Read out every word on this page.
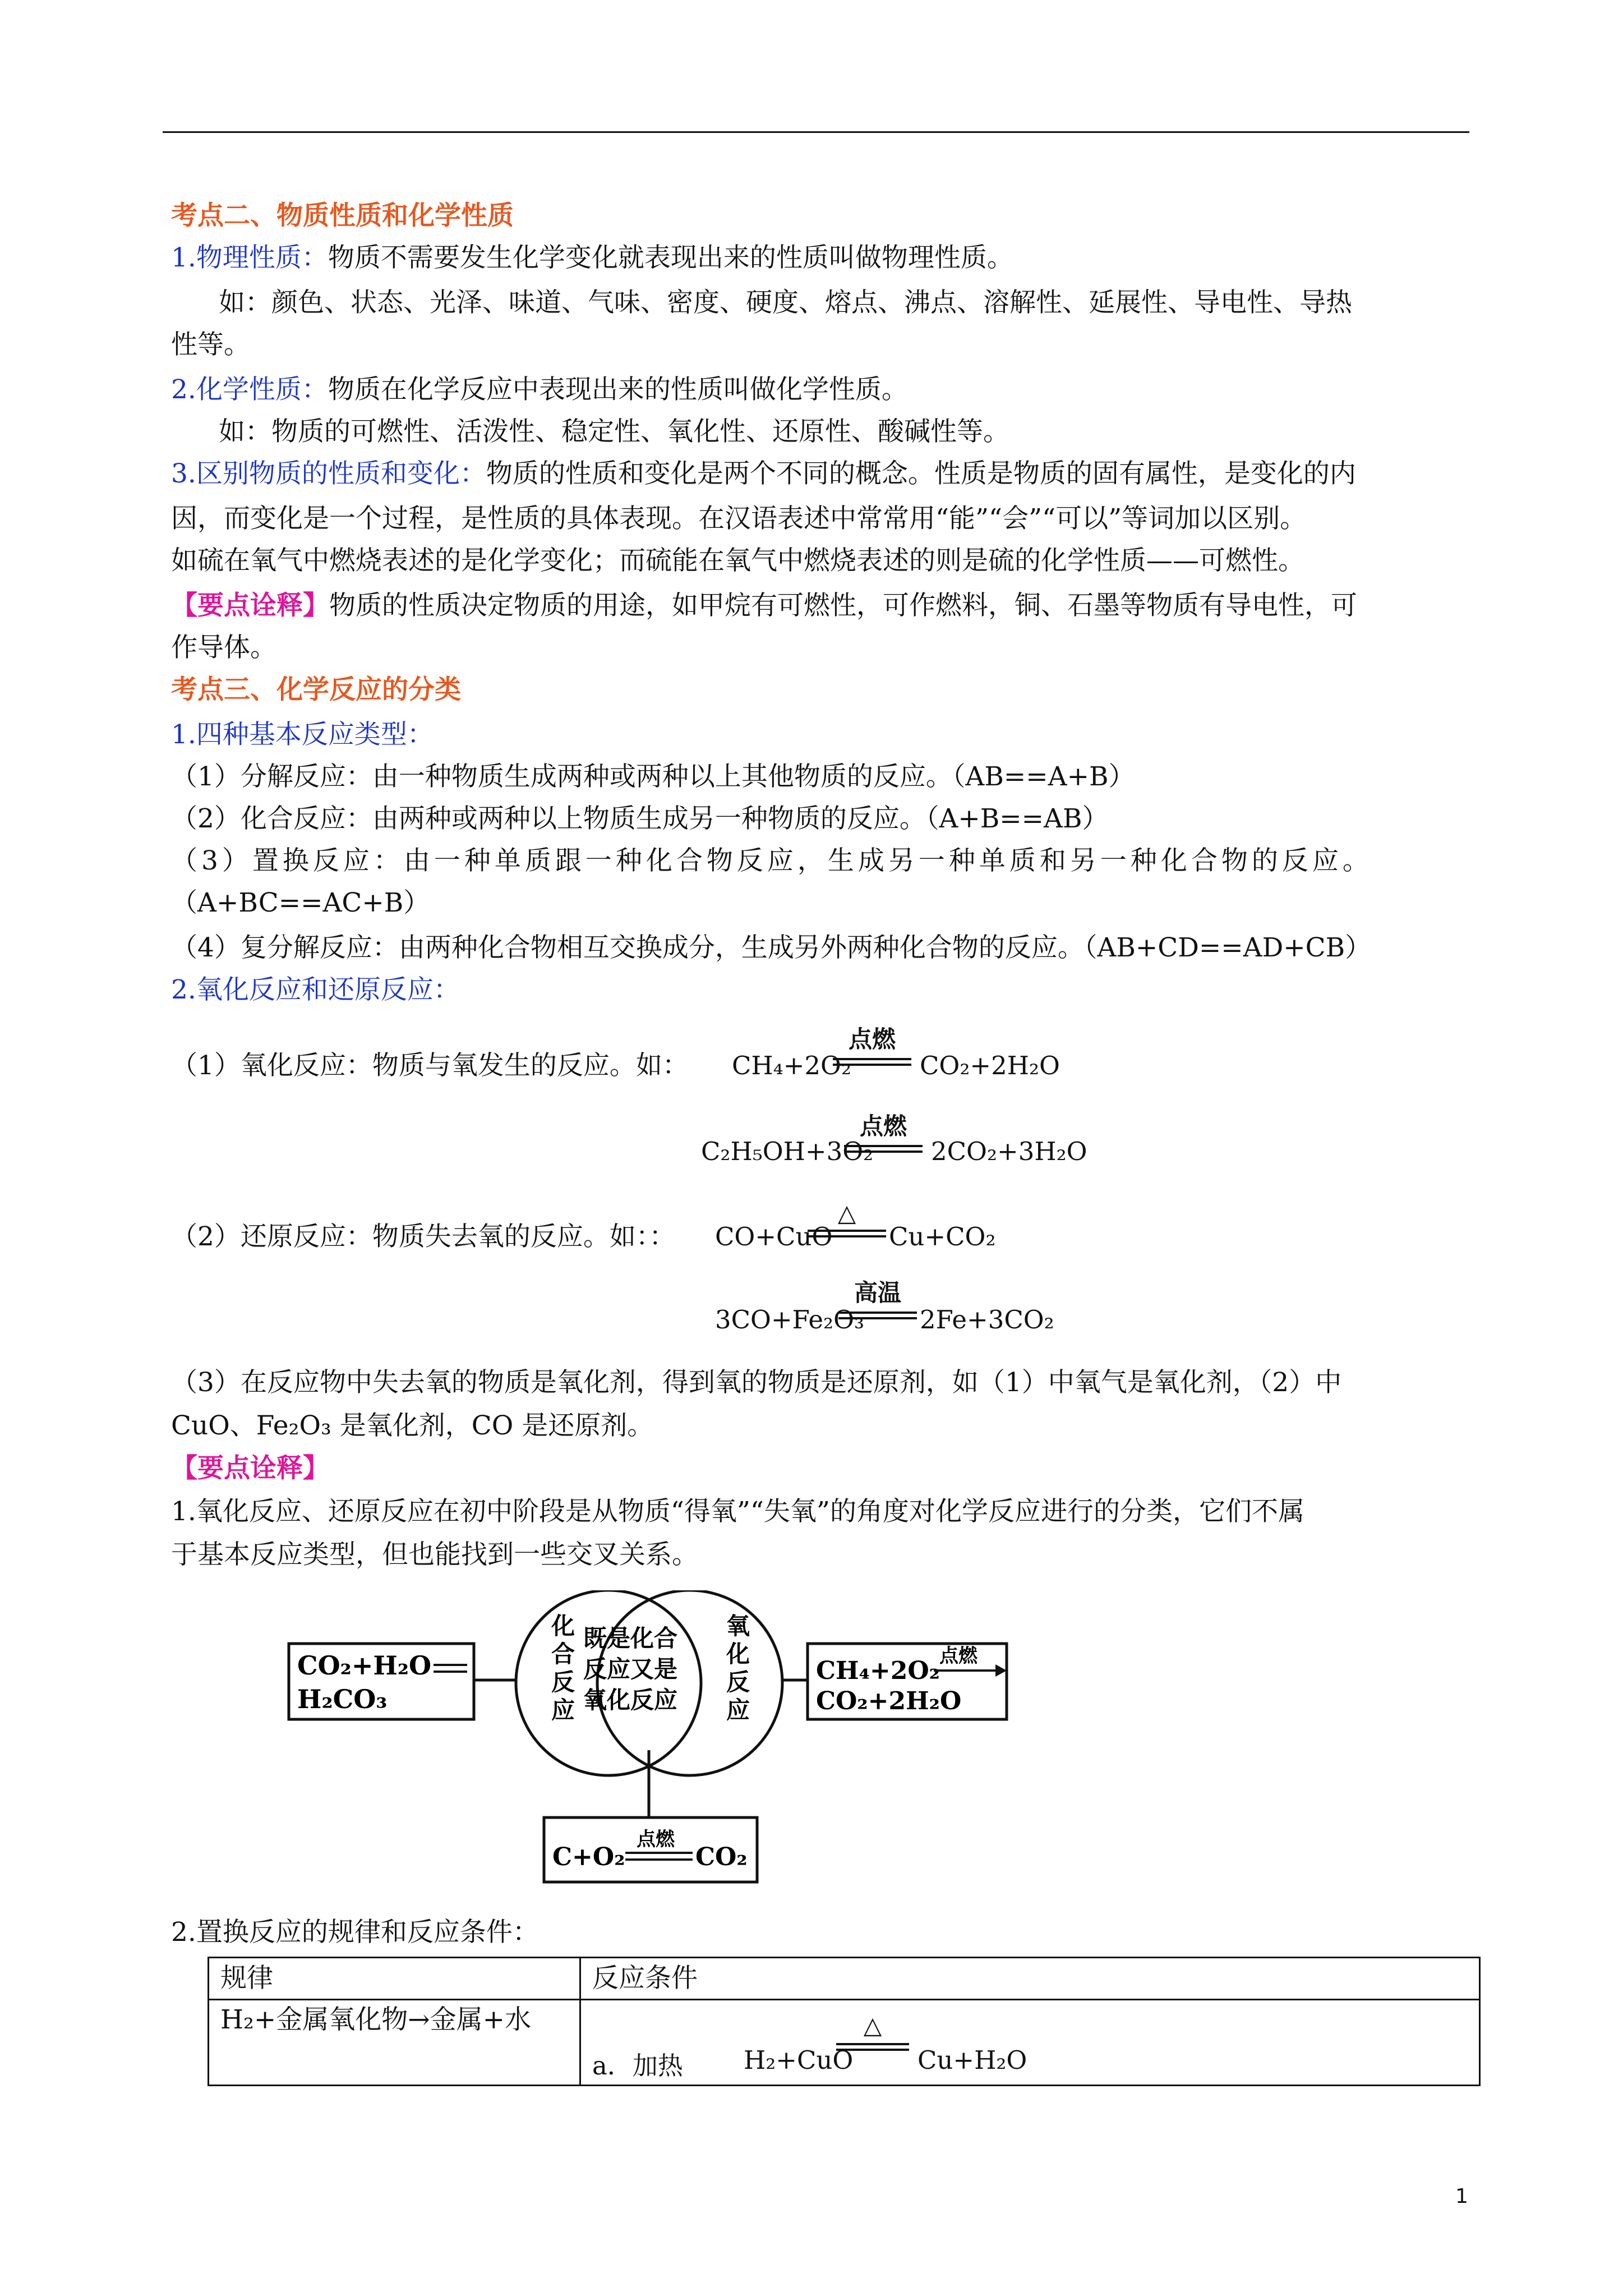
考点二、物质性质和化学性质
1.物理性质：物质不需要发生化学变化就表现出来的性质叫做物理性质。
如：颜色、状态、光泽、味道、气味、密度、硬度、熔点、沸点、溶解性、延展性、导电性、导热
性等。
2.化学性质：物质在化学反应中表现出来的性质叫做化学性质。
如：物质的可燃性、活泼性、稳定性、氧化性、还原性、酸碱性等。
3.区别物质的性质和变化：物质的性质和变化是两个不同的概念。性质是物质的固有属性，是变化的内
因，而变化是一个过程，是性质的具体表现。在汉语表述中常常用“能”“会”“可以”等词加以区别。
如硫在氧气中燃烧表述的是化学变化；而硫能在氧气中燃烧表述的则是硫的化学性质——可燃性。
【要点诠释】物质的性质决定物质的用途，如甲烷有可燃性，可作燃料，铜、石墨等物质有导电性，可
作导体。
考点三、化学反应的分类
1.四种基本反应类型：
（1）分解反应：由一种物质生成两种或两种以上其他物质的反应。（AB==A+B）
（2）化合反应：由两种或两种以上物质生成另一种物质的反应。（A+B==AB）
（3）置换反应：由一种单质跟一种化合物反应，生成另一种单质和另一种化合物的反应。
（A+BC==AC+B）
（4）复分解反应：由两种化合物相互交换成分，生成另外两种化合物的反应。（AB+CD==AD+CB）
2.氧化反应和还原反应：
（1）氧化反应：物质与氧发生的反应。如： CH₄+2O₂
点燃
CO₂+2H₂O
C₂H₅OH+3O₂
点燃
2CO₂+3H₂O
（2）还原反应：物质失去氧的反应。如：： CO+CuO
△
Cu+CO₂
3CO+Fe₂O₃
高温
2Fe+3CO₂
（3）在反应物中失去氧的物质是氧化剂，得到氧的物质是还原剂，如（1）中氧气是氧化剂，（2）中
CuO、Fe₂O₃ 是氧化剂，CO 是还原剂。
【要点诠释】
1.氧化反应、还原反应在初中阶段是从物质“得氧”“失氧”的角度对化学反应进行的分类，它们不属
于基本反应类型，但也能找到一些交叉关系。
CO₂+H₂O
H₂CO₃
化
合
反
应
既是化合
反应又是
氧化反应
氧
化
反
应
CH₄+2O₂
点燃
CO₂+2H₂O
C+O₂
点燃
CO₂
2.置换反应的规律和反应条件：
规律	反应条件
H₂+金属氧化物→金属+水	a．加热 H₂+CuO
△
Cu+H₂O
1
